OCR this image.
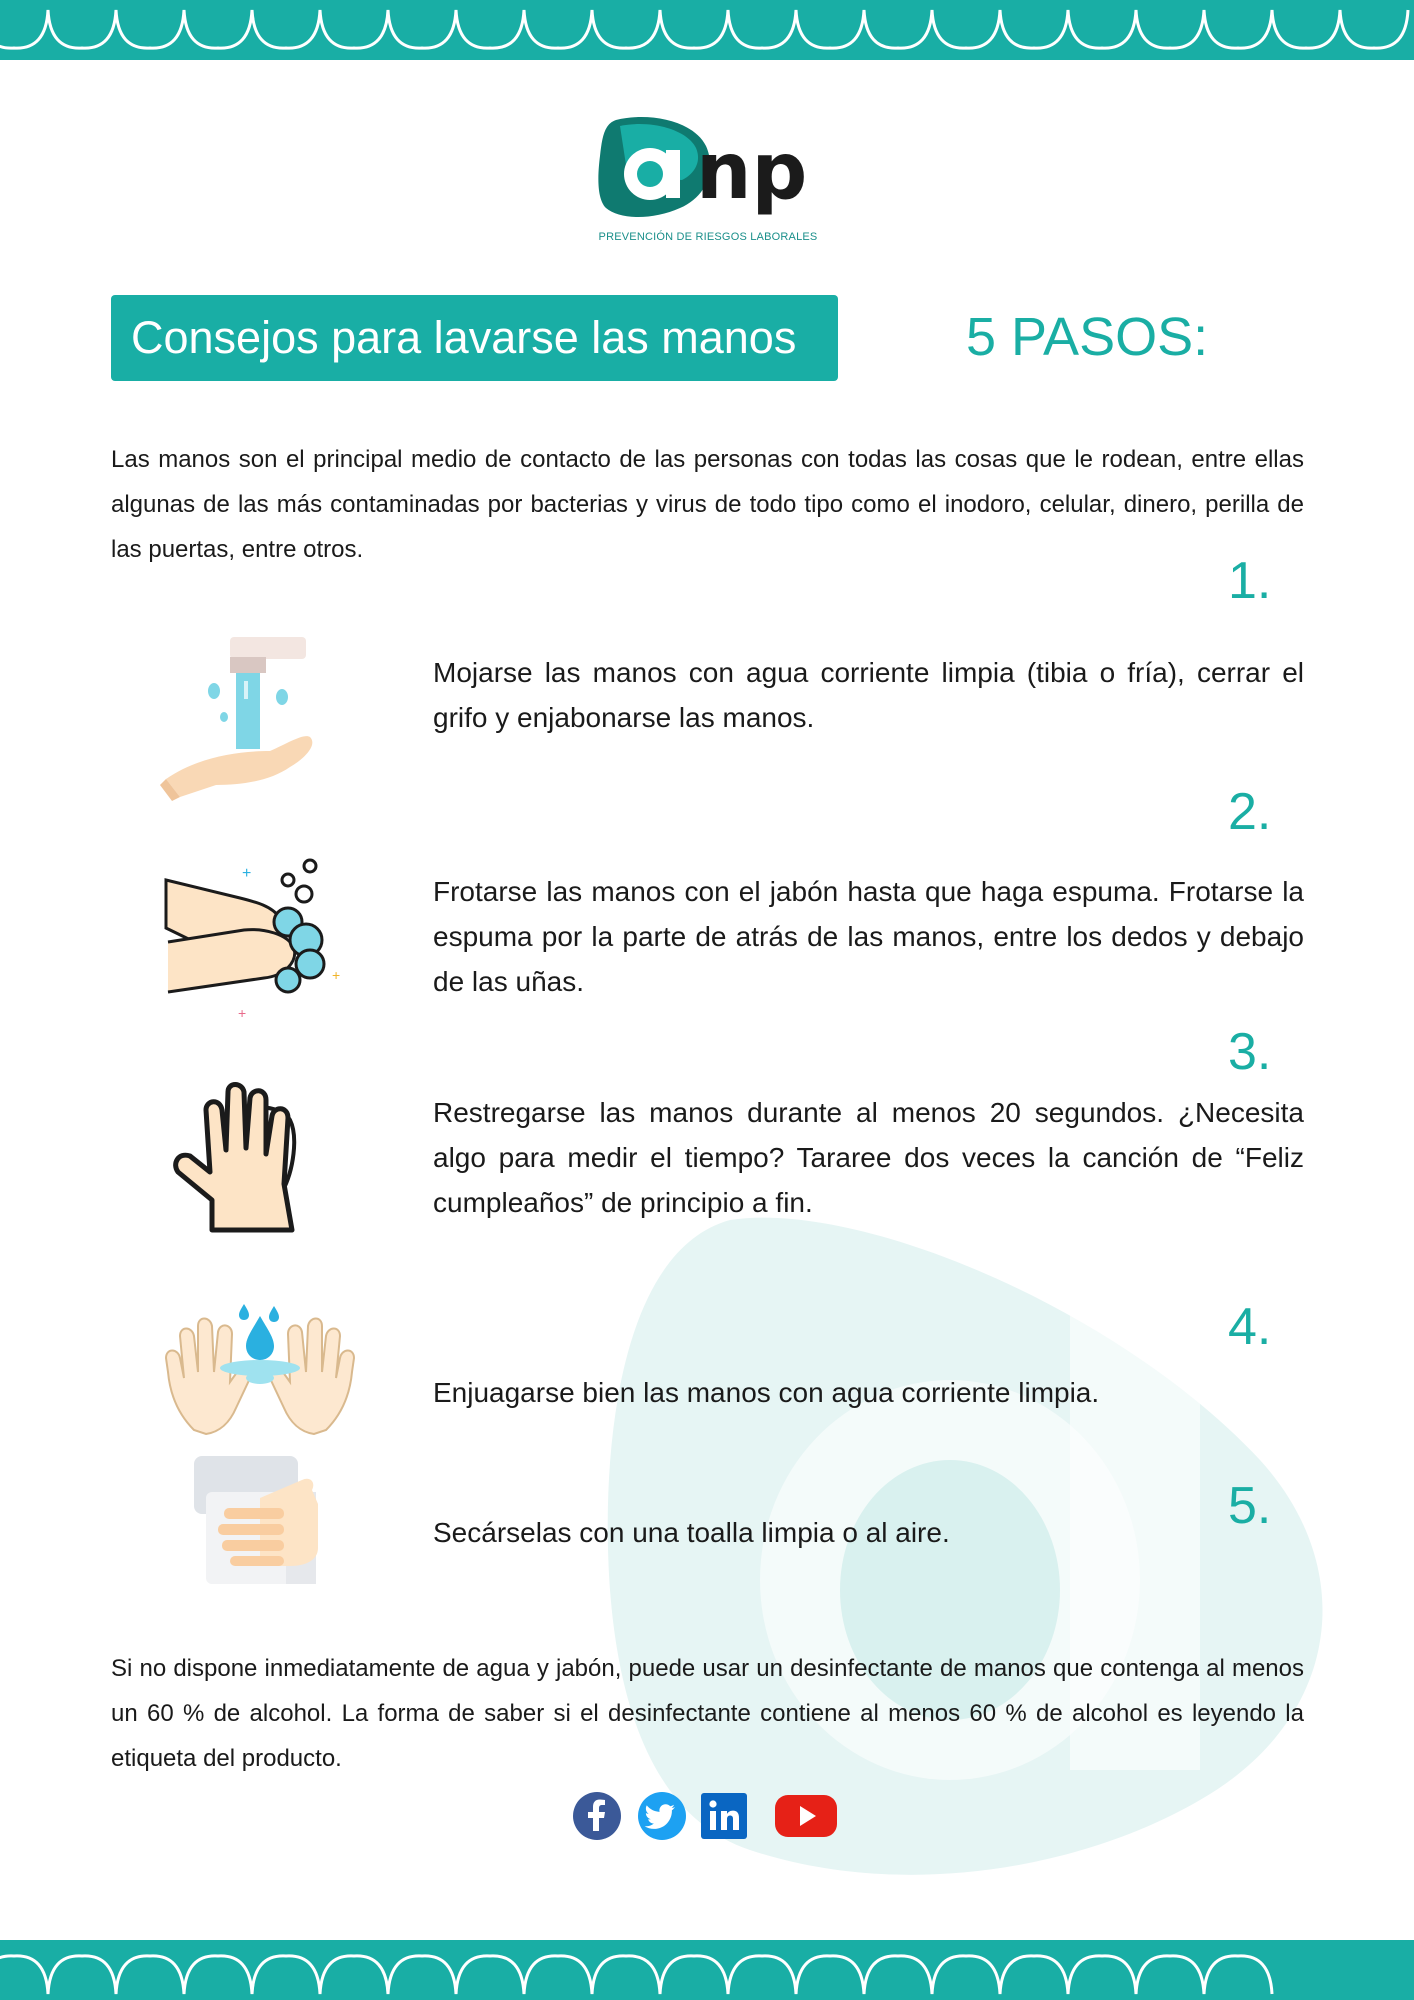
np
PREVENCIÓN DE RIESGOS LABORALES
Consejos para lavarse las manos	5 PASOS:

Las manos son el principal medio de contacto de las personas con todas las cosas que le rodean, entre ellas algunas de las más contaminadas por bacterias y virus de todo tipo como el inodoro, celular, dinero, perilla de las puertas, entre otros.

1.

Mojarse las manos con agua corriente limpia (tibia o fría), cerrar el grifo y enjabonarse las manos.

2.
+
+
+

Frotarse las manos con el jabón hasta que haga espuma. Frotarse la espuma por la parte de atrás de las manos, entre los dedos y debajo de las uñas.

3.

Restregarse las manos durante al menos 20 segundos. ¿Necesita algo para medir el tiempo? Tararee dos veces la canción de “Feliz cumpleaños” de principio a fin.

4.

Enjuagarse bien las manos con agua corriente limpia.

5.

Secárselas con una toalla limpia o al aire.

Si no dispone inmediatamente de agua y jabón, puede usar un desinfectante de manos que contenga al menos un 60 % de alcohol. La forma de saber si el desinfectante contiene al menos 60 % de alcohol es leyendo la etiqueta del producto.
